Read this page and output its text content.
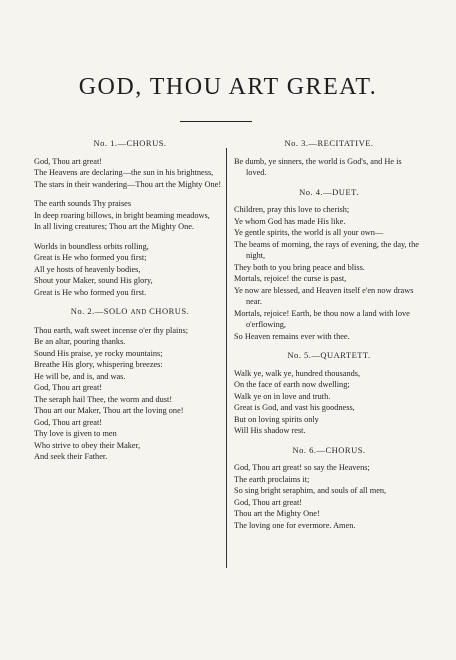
GOD, THOU ART GREAT.

No. 1.—CHORUS.

God, Thou art great!

The Heavens are declaring—the sun in his brightness,

The stars in their wandering—Thou art the Mighty One!

The earth sounds Thy praises

In deep roaring billows, in bright beaming meadows,

In all living creatures; Thou art the Mighty One.

Worlds in boundless orbits rolling,

Great is He who formed you first;

All ye hosts of heavenly bodies,

Shout your Maker, sound His glory,

Great is He who formed you first.

No. 2.—SOLO AND CHORUS.

Thou earth, waft sweet incense o'er thy plains;

Be an altar, pouring thanks.

Sound His praise, ye rocky mountains;

Breathe His glory, whispering breezes:

He will be, and is, and was.

God, Thou art great!

The seraph hail Thee, the worm and dust!

Thou art our Maker, Thou art the loving one!

God, Thou art great!

Thy love is given to men

Who strive to obey their Maker,

And seek their Father.

No. 3.—RECITATIVE.

Be dumb, ye sinners, the world is God's, and He is loved.

No. 4.—DUET.

Children, pray this love to cherish;

Ye whom God has made His like.

Ye gentle spirits, the world is all your own—

The beams of morning, the rays of evening, the day, the night,

They both to you bring peace and bliss.

Mortals, rejoice! the curse is past,

Ye now are blessed, and Heaven itself e'en now draws near.

Mortals, rejoice! Earth, be thou now a land with love o'erflowing,

So Heaven remains ever with thee.

No. 5.—QUARTETT.

Walk ye, walk ye, hundred thousands,

On the face of earth now dwelling;

Walk ye on in love and truth.

Great is God, and vast his goodness,

But on loving spirits only

Will His shadow rest.

No. 6.—CHORUS.

God, Thou art great! so say the Heavens;

The earth proclaims it;

So sing bright seraphim, and souls of all men,

God, Thou art great!

Thou art the Mighty One!

The loving one for evermore. Amen.
